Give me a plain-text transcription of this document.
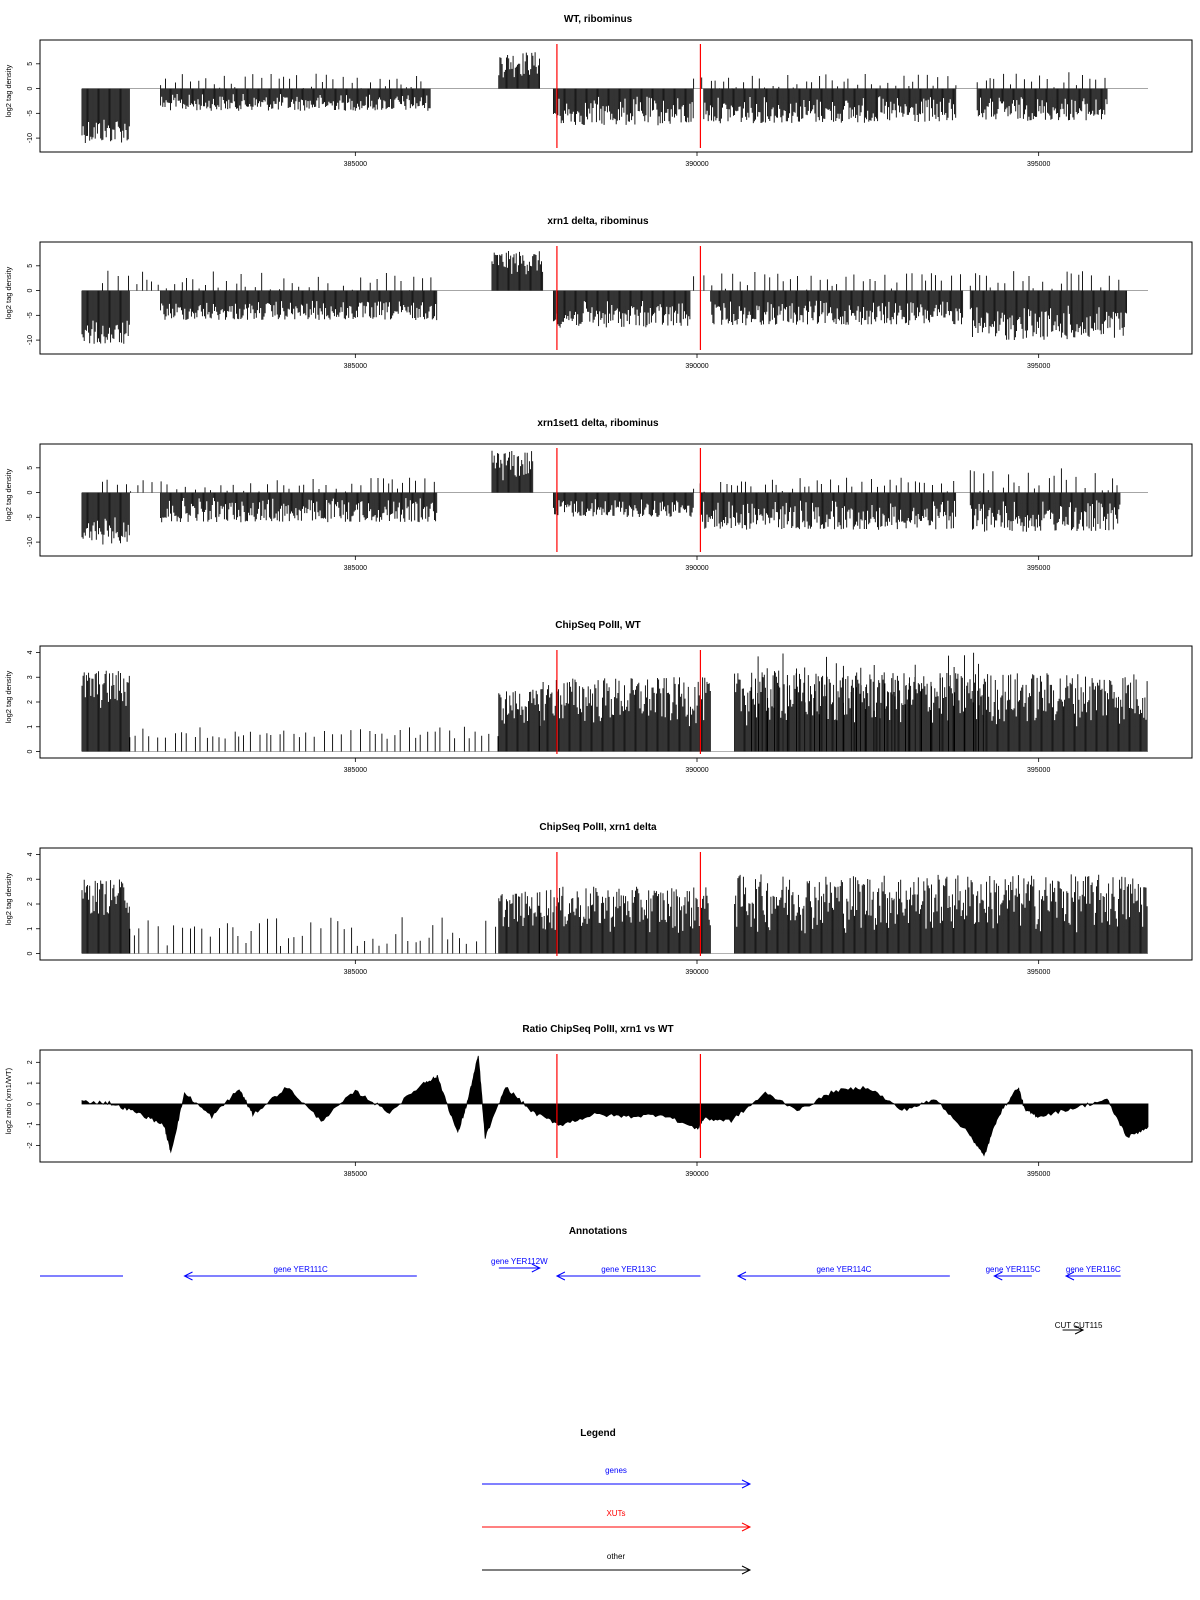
WT, ribominus
log2 tag density
-10
-5
0
5
385000	390000	395000
xrn1 delta, ribominus
log2 tag density
-10
-5
0
5
385000	390000	395000
xrn1set1 delta, ribominus
log2 tag density
-10
-5
0
5
385000	390000	395000
ChipSeq PolII, WT
log2 tag density
0
1
2
3
4
385000	390000	395000
ChipSeq PolII, xrn1 delta
log2 tag density
0
1
2
3
4
385000	390000	395000
Ratio ChipSeq PolII, xrn1 vs WT
log2 ratio (xrn1/WT)
-2
-1
0
1
2
385000	390000	395000
Annotations
gene YER111C
gene YER112W
gene YER113C	gene YER114C	gene YER115C	gene YER116C
CUT CUT115
Legend
genes
XUTs
other
